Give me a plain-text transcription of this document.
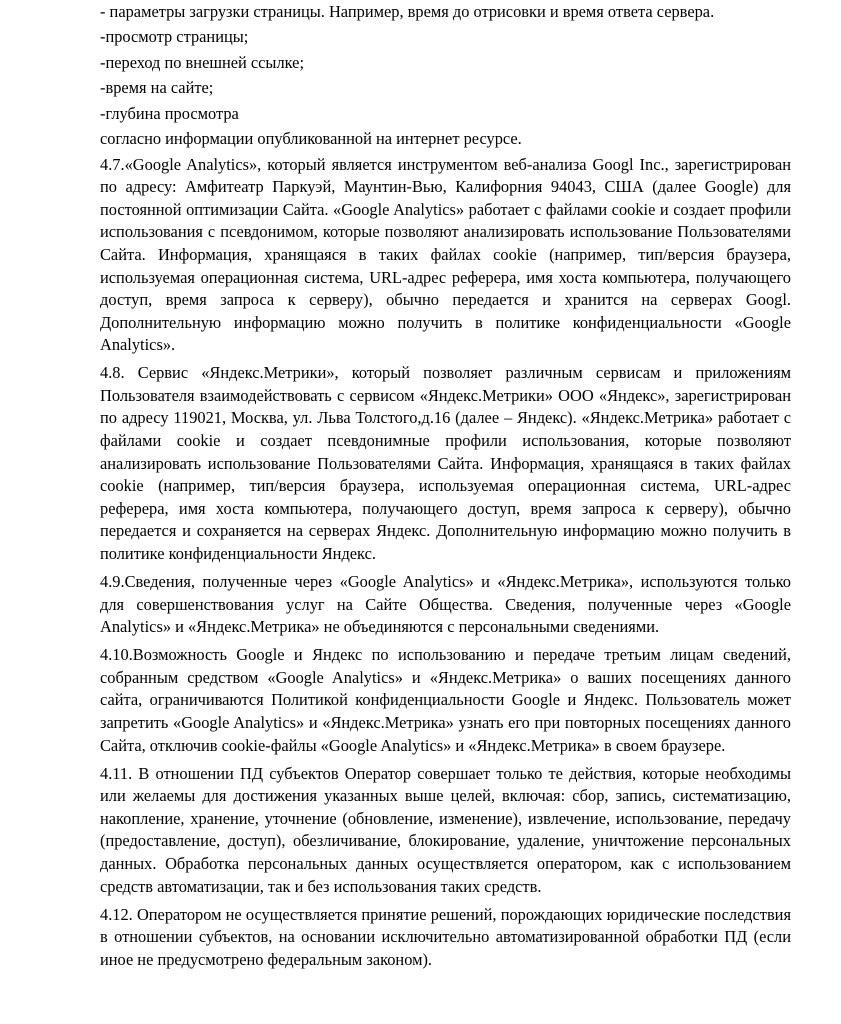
- параметры загрузки страницы. Например, время до отрисовки и время ответа сервера.

-просмотр страницы;

-переход по внешней ссылке;

-время на сайте;

-глубина просмотра

согласно информации опубликованной на интернет ресурсе.

4.7.«Google Analytics», который является инструментом веб-анализа Googl Inc., зарегистрирован по адресу: Амфитеатр Паркуэй, Маунтин-Вью, Калифорния 94043, США (далее Google) для постоянной оптимизации Сайта. «Google Analytics» работает с файлами cookie и создает профили использования с псевдонимом, которые позволяют анализировать использование Пользователями Сайта. Информация, хранящаяся в таких файлах cookie (например, тип/версия браузера, используемая операционная система, URL-адрес реферера, имя хоста компьютера, получающего доступ, время запроса к серверу), обычно передается и хранится на серверах Googl. Дополнительную информацию можно получить в политике конфиденциальности «Google Analytics».

4.8. Сервис «Яндекс.Метрики», который позволяет различным сервисам и приложениям Пользователя взаимодействовать с сервисом «Яндекс.Метрики» ООО «Яндекс», зарегистрирован по адресу 119021, Москва, ул. Льва Толстого,д.16 (далее – Яндекс). «Яндекс.Метрика» работает с файлами cookie и создает псевдонимные профили использования, которые позволяют анализировать использование Пользователями Сайта. Информация, хранящаяся в таких файлах cookie (например, тип/версия браузера, используемая операционная система, URL-адрес реферера, имя хоста компьютера, получающего доступ, время запроса к серверу), обычно передается и сохраняется на серверах Яндекс. Дополнительную информацию можно получить в политике конфиденциальности Яндекс.

4.9.Сведения, полученные через «Google Analytics» и «Яндекс.Метрика», используются только для совершенствования услуг на Сайте Общества. Сведения, полученные через «Google Analytics» и «Яндекс.Метрика» не объединяются с персональными сведениями.

4.10.Возможность Google и Яндекс по использованию и передаче третьим лицам сведений, собранным средством «Google Analytics» и «Яндекс.Метрика» о ваших посещениях данного сайта, ограничиваются Политикой конфиденциальности Google и Яндекс. Пользователь может запретить «Google Analytics» и «Яндекс.Метрика» узнать его при повторных посещениях данного Сайта, отключив cookie-файлы «Google Analytics» и «Яндекс.Метрика» в своем браузере.

4.11. В отношении ПД субъектов Оператор совершает только те действия, которые необходимы или желаемы для достижения указанных выше целей, включая: сбор, запись, систематизацию, накопление, хранение, уточнение (обновление, изменение), извлечение, использование, передачу (предоставление, доступ), обезличивание, блокирование, удаление, уничтожение персональных данных. Обработка персональных данных осуществляется оператором, как с использованием средств автоматизации, так и без использования таких средств.

4.12. Оператором не осуществляется принятие решений, порождающих юридические последствия в отношении субъектов, на основании исключительно автоматизированной обработки ПД (если иное не предусмотрено федеральным законом).
